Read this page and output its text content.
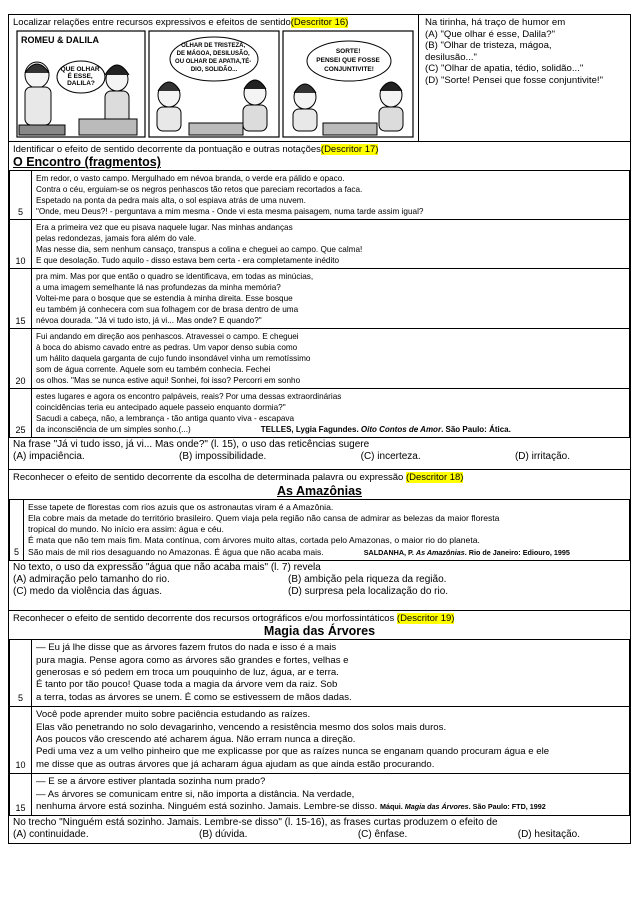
Localizar relações entre recursos expressivos e efeitos de sentido(Descritor 16)
ROMEU & DALILA
QUE OLHAR É ESSE, DALILA?
OLHAR DE TRISTEZA, DE MÁGOA, DESILUSÃO, OU OLHAR DE APATIA,TÉ- DIO, SOLIDÃO...
SORTE! PENSEI QUE FOSSE CONJUNTIVITE!
Na tirinha, há traço de humor em
(A) "Que olhar é esse, Dalila?"
(B) "Olhar de tristeza, mágoa,
desilusão..."
(C) "Olhar de apatia, tédio, solidão..."
(D) "Sorte! Pensei que fosse conjuntivite!"
Identificar o efeito de sentido decorrente da pontuação e outras notações(Descritor 17)
O Encontro (fragmentos)
5	Em redor, o vasto campo. Mergulhado em névoa branda, o verde era pálido e opaco.

Contra o céu, erguiam-se os negros penhascos tão retos que pareciam recortados a faca.

Espetado na ponta da pedra mais alta, o sol espiava atrás de uma nuvem.

"Onde, meu Deus?! - perguntava a mim mesma - Onde vi esta mesma paisagem, numa tarde assim igual?

10	Era a primeira vez que eu pisava naquele lugar. Nas minhas andanças

pelas redondezas, jamais fora além do vale.

Mas nesse dia, sem nenhum cansaço, transpus a colina e cheguei ao campo. Que calma!

E que desolação. Tudo aquilo - disso estava bem certa - era completamente inédito

15	pra mim. Mas por que então o quadro se identificava, em todas as minúcias,

a uma imagem semelhante lá nas profundezas da minha memória?

Voltei-me para o bosque que se estendia à minha direita. Esse bosque

eu também já conhecera com sua folhagem cor de brasa dentro de uma

névoa dourada. "Já vi tudo isto, já vi... Mas onde? E quando?"

20	Fui andando em direção aos penhascos. Atravessei o campo. E cheguei

à boca do abismo cavado entre as pedras. Um vapor denso subia como

um hálito daquela garganta de cujo fundo insondável vinha um remotíssimo

som de água corrente. Aquele som eu também conhecia. Fechei

os olhos. "Mas se nunca estive aqui! Sonhei, foi isso? Percorri em sonho

25	estes lugares e agora os encontro palpáveis, reais? Por uma dessas extraordinárias

coincidências teria eu antecipado aquele passeio enquanto dormia?"

Sacudi a cabeça, não, a lembrança - tão antiga quanto viva - escapava

da inconsciência de um simples sonho.(...) TELLES, Lygia Fagundes. Oito Contos de Amor. São Paulo: Ática.

Na frase "Já vi tudo isso, já vi... Mas onde?" (l. 15), o uso das reticências sugere
(A) impaciência.	(B) impossibilidade.	(C) incerteza.	(D) irritação.
Reconhecer o efeito de sentido decorrente da escolha de determinada palavra ou expressão (Descritor 18)
As Amazônias
5	

Esse tapete de florestas com rios azuis que os astronautas viram é a Amazônia.

Ela cobre mais da metade do território brasileiro. Quem viaja pela região não cansa de admirar as belezas da maior floresta

tropical do mundo. No início era assim: água e céu.

É mata que não tem mais fim. Mata contínua, com árvores muito altas, cortada pelo Amazonas, o maior rio do planeta.

São mais de mil rios desaguando no Amazonas. É água que não acaba mais.	SALDANHA, P. As Amazônias. Rio de Janeiro: Ediouro, 1995

No texto, o uso da expressão "água que não acaba mais" (l. 7) revela
(A) admiração pelo tamanho do rio.	(B) ambição pela riqueza da região.
(C) medo da violência das águas.	(D) surpresa pela localização do rio.
Reconhecer o efeito de sentido decorrente dos recursos ortográficos e/ou morfossintáticos (Descritor 19)
Magia das Árvores
5	— Eu já lhe disse que as árvores fazem frutos do nada e isso é a mais

pura magia. Pense agora como as árvores são grandes e fortes, velhas e

generosas e só pedem em troca um pouquinho de luz, água, ar e terra.

É tanto por tão pouco! Quase toda a magia da árvore vem da raiz. Sob

a terra, todas as árvores se unem. É como se estivessem de mãos dadas.

10	Você pode aprender muito sobre paciência estudando as raízes.

Elas vão penetrando no solo devagarinho, vencendo a resistência mesmo dos solos mais duros.

Aos poucos vão crescendo até acharem água. Não erram nunca a direção.

Pedi uma vez a um velho pinheiro que me explicasse por que as raízes nunca se enganam quando procuram água e ele

me disse que as outras árvores que já acharam água ajudam as que ainda estão procurando.

15	— E se a árvore estiver plantada sozinha num prado?

— As árvores se comunicam entre si, não importa a distância. Na verdade,

nenhuma árvore está sozinha. Ninguém está sozinho. Jamais. Lembre-se disso. Máqui. Magia das Árvores. São Paulo: FTD, 1992

No trecho "Ninguém está sozinho. Jamais. Lembre-se disso" (l. 15-16), as frases curtas produzem o efeito de
(A) continuidade.	(B) dúvida.	(C) ênfase.	(D) hesitação.
